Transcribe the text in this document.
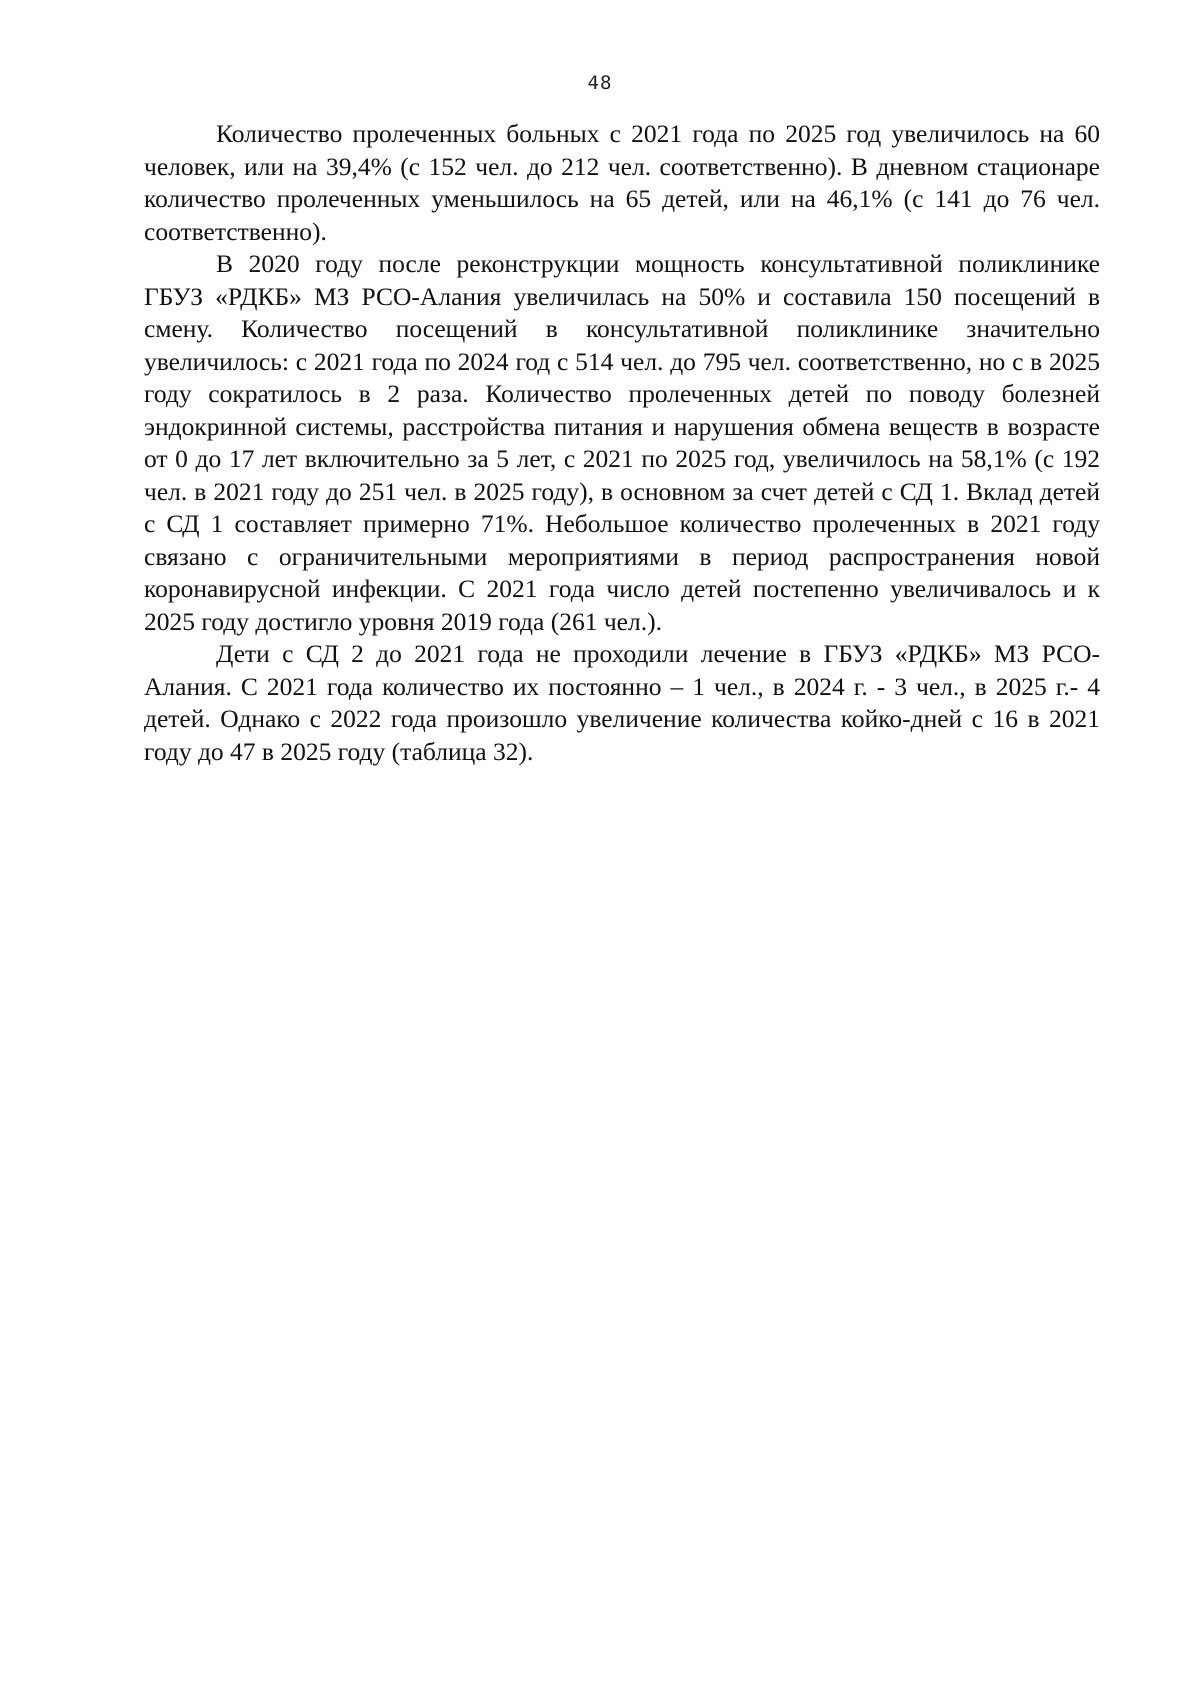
48

Количество пролеченных больных с 2021 года по 2025 год увеличилось на 60 человек, или на 39,4% (с 152 чел. до 212 чел. соответственно). В дневном стационаре количество пролеченных уменьшилось на 65 детей, или на 46,1% (с 141 до 76 чел. соответственно).

В 2020 году после реконструкции мощность консультативной поликлинике ГБУЗ «РДКБ» МЗ РСО-Алания увеличилась на 50% и составила 150 посещений в смену. Количество посещений в консультативной поликлинике значительно увеличилось: с 2021 года по 2024 год с 514 чел. до 795 чел. соответственно, но с в 2025 году сократилось в 2 раза. Количество пролеченных детей по поводу болезней эндокринной системы, расстройства питания и нарушения обмена веществ в возрасте от 0 до 17 лет включительно за 5 лет, с 2021 по 2025 год, увеличилось на 58,1% (с 192 чел. в 2021 году до 251 чел. в 2025 году), в основном за счет детей с СД 1. Вклад детей с СД 1 составляет примерно 71%. Небольшое количество пролеченных в 2021 году связано с ограничительными мероприятиями в период распространения новой коронавирусной инфекции. С 2021 года число детей постепенно увеличивалось и к 2025 году достигло уровня 2019 года (261 чел.).

Дети с СД 2 до 2021 года не проходили лечение в ГБУЗ «РДКБ» МЗ РСО-Алания. С 2021 года количество их постоянно – 1 чел., в 2024 г. - 3 чел., в 2025 г.- 4 детей. Однако с 2022 года произошло увеличение количества койко-дней с 16 в 2021 году до 47 в 2025 году (таблица 32).
